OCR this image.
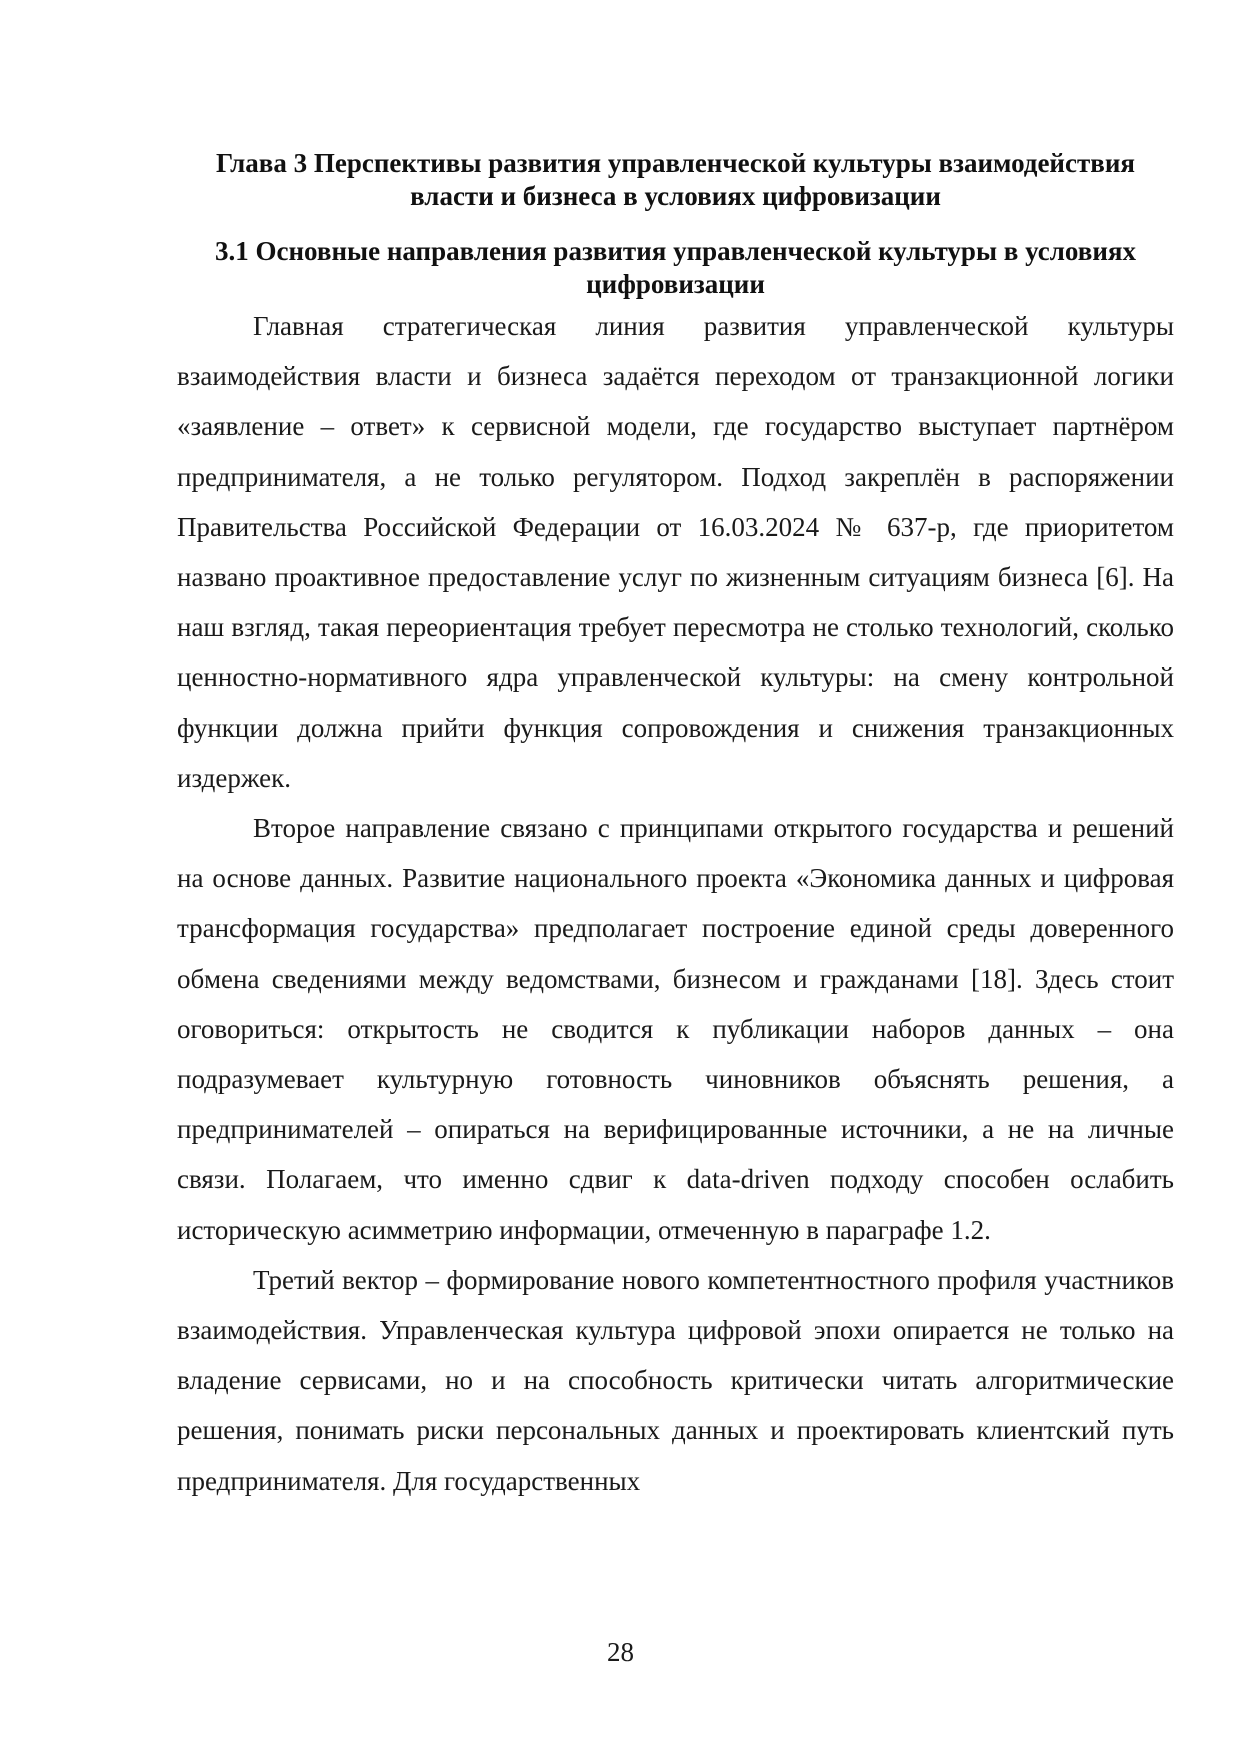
Глава 3 Перспективы развития управленческой культуры взаимодействия власти и бизнеса в условиях цифровизации
3.1 Основные направления развития управленческой культуры в условиях цифровизации

Главная стратегическая линия развития управленческой культуры взаимодействия власти и бизнеса задаётся переходом от транзакционной логики «заявление – ответ» к сервисной модели, где государство выступает партнёром предпринимателя, а не только регулятором. Подход закреплён в распоряжении Правительства Российской Федерации от 16.03.2024 № 637-р, где приоритетом названо проактивное предоставление услуг по жизненным ситуациям бизнеса [6]. На наш взгляд, такая переориентация требует пересмотра не столько технологий, сколько ценностно-нормативного ядра управленческой культуры: на смену контрольной функции должна прийти функция сопровождения и снижения транзакционных издержек.

Второе направление связано с принципами открытого государства и решений на основе данных. Развитие национального проекта «Экономика данных и цифровая трансформация государства» предполагает построение единой среды доверенного обмена сведениями между ведомствами, бизнесом и гражданами [18]. Здесь стоит оговориться: открытость не сводится к публикации наборов данных – она подразумевает культурную готовность чиновников объяснять решения, а предпринимателей – опираться на верифицированные источники, а не на личные связи. Полагаем, что именно сдвиг к data-driven подходу способен ослабить историческую асимметрию информации, отмеченную в параграфе 1.2.

Третий вектор – формирование нового компетентностного профиля участников взаимодействия. Управленческая культура цифровой эпохи опирается не только на владение сервисами, но и на способность критически читать алгоритмические решения, понимать риски персональных данных и проектировать клиентский путь предпринимателя. Для государственных

28
